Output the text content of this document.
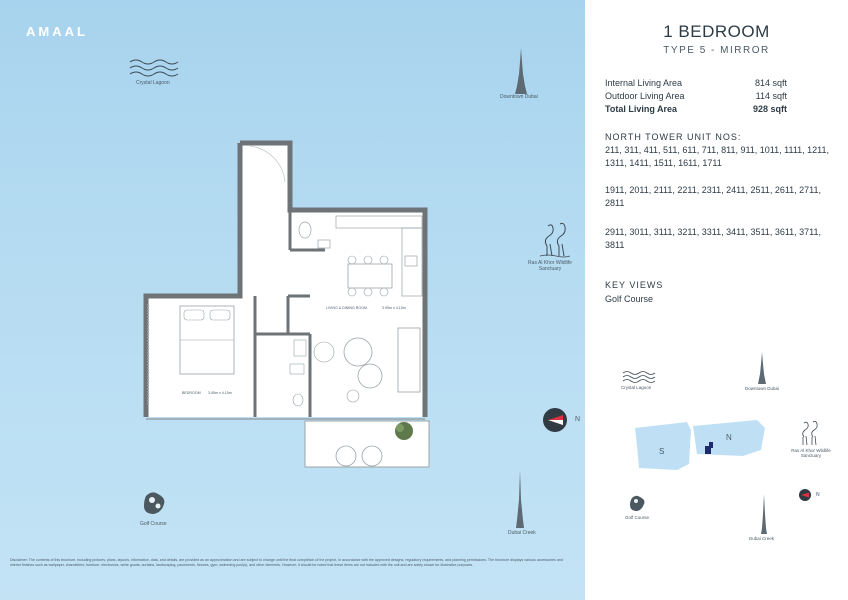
AMAAL
Crystal Lagoon
Downtown Dubai
Ras Al Khor Wildlife Sanctuary
Golf Course
Dubai Creek
N
LIVING & DINING ROOM	3.95m x 4.15m
BEDROOM 3.95m x 4.15m
Disclaimer: The contents of this brochure, including pictures, plans, layouts, information, data, and details, are provided as an approximation and are subject to change until the final completion of the project, in accordance with the approved designs, regulatory requirements, and planning permissions. The brochure displays various accessories and interior finishes such as wallpaper, chandeliers, furniture, electronics, white goods, curtains, landscaping, pavements, fixtures, gym, swimming pool(s), and other elements. However, it should be noted that these items are not included with the unit and are solely shown for illustrative purposes.
1 BEDROOM
TYPE 5 - MIRROR
Internal Living Area	814 sqft
Outdoor Living Area	114 sqft
Total Living Area	928 sqft
NORTH TOWER UNIT NOS:
211, 311, 411, 511, 611, 711, 811, 911, 1011, 1111, 1211, 1311, 1411, 1511, 1611, 1711
1911, 2011, 2111, 2211, 2311, 2411, 2511, 2611, 2711, 2811
2911, 3011, 3111, 3211, 3311, 3411, 3511, 3611, 3711, 3811
KEY VIEWS
Golf Course
Crystal Lagoon	Downtown Dubai
S
N
Ras Al Khor Wildlife Sanctuary
N
Golf Course
Dubai Creek
